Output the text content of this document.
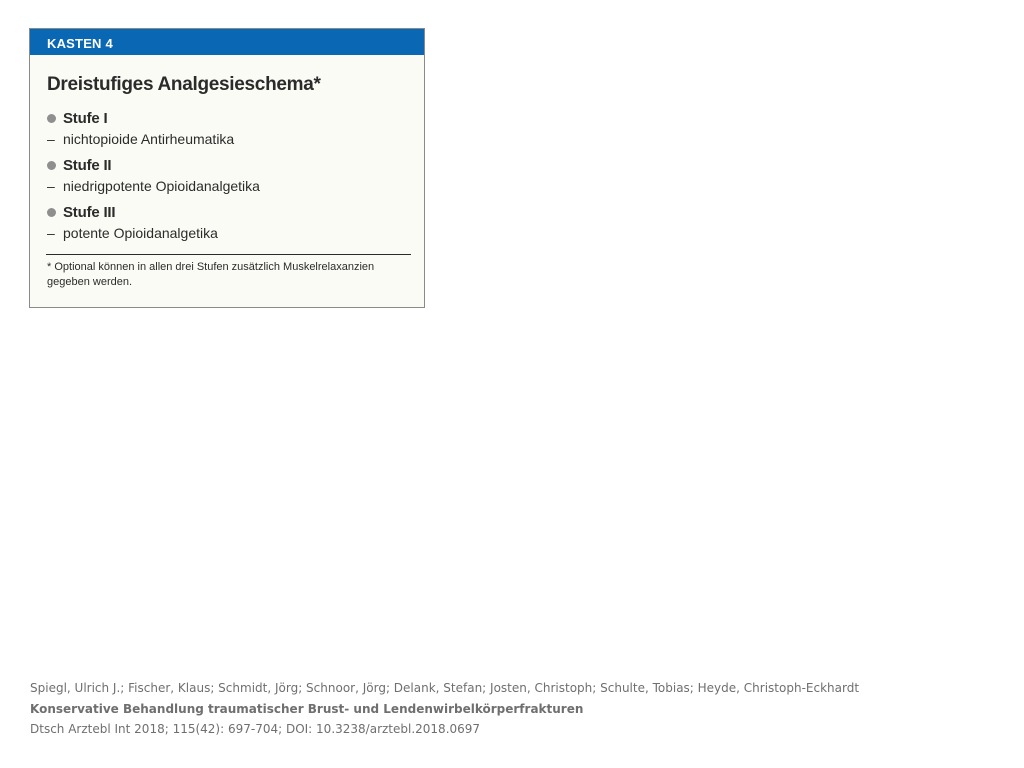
KASTEN 4
Dreistufiges Analgesieschema*
Stufe I
– nichtopioide Antirheumatika
Stufe II
– niedrigpotente Opioidanalgetika
Stufe III
– potente Opioidanalgetika
* Optional können in allen drei Stufen zusätzlich Muskelrelaxanzien gegeben werden.
Spiegl, Ulrich J.; Fischer, Klaus; Schmidt, Jörg; Schnoor, Jörg; Delank, Stefan; Josten, Christoph; Schulte, Tobias; Heyde, Christoph-Eckhardt
Konservative Behandlung traumatischer Brust- und Lendenwirbelkörperfrakturen
Dtsch Arztebl Int 2018; 115(42): 697-704; DOI: 10.3238/arztebl.2018.0697
